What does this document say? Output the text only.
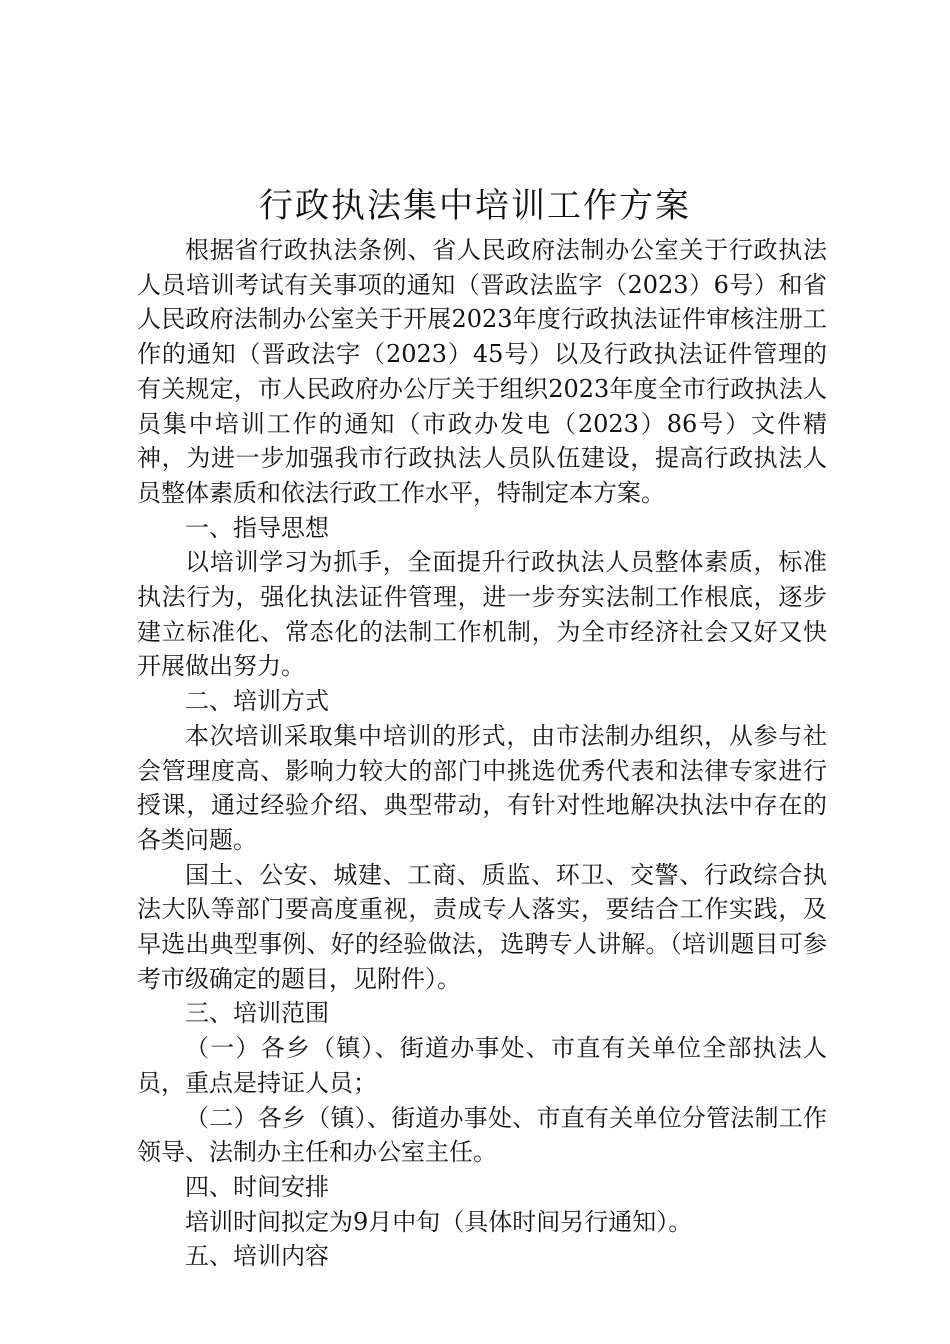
行政执法集中培训工作方案

根据省行政执法条例、省人民政府法制办公室关于行政执法人员培训考试有关事项的通知（晋政法监字（2023）6号）和省人民政府法制办公室关于开展2023年度行政执法证件审核注册工作的通知（晋政法字（2023）45号）以及行政执法证件管理的有关规定，市人民政府办公厅关于组织2023年度全市行政执法人员集中培训工作的通知（市政办发电（2023）86号）文件精神，为进一步加强我市行政执法人员队伍建设，提高行政执法人员整体素质和依法行政工作水平，特制定本方案。

一、指导思想

以培训学习为抓手，全面提升行政执法人员整体素质，标准执法行为，强化执法证件管理，进一步夯实法制工作根底，逐步建立标准化、常态化的法制工作机制，为全市经济社会又好又快开展做出努力。

二、培训方式

本次培训采取集中培训的形式，由市法制办组织，从参与社会管理度高、影响力较大的部门中挑选优秀代表和法律专家进行授课，通过经验介绍、典型带动，有针对性地解决执法中存在的各类问题。

国土、公安、城建、工商、质监、环卫、交警、行政综合执法大队等部门要高度重视，责成专人落实，要结合工作实践，及早选出典型事例、好的经验做法，选聘专人讲解。（培训题目可参考市级确定的题目，见附件）。

三、培训范围

（一）各乡（镇）、街道办事处、市直有关单位全部执法人员，重点是持证人员；

（二）各乡（镇）、街道办事处、市直有关单位分管法制工作领导、法制办主任和办公室主任。

四、时间安排

培训时间拟定为9月中旬（具体时间另行通知）。

五、培训内容
